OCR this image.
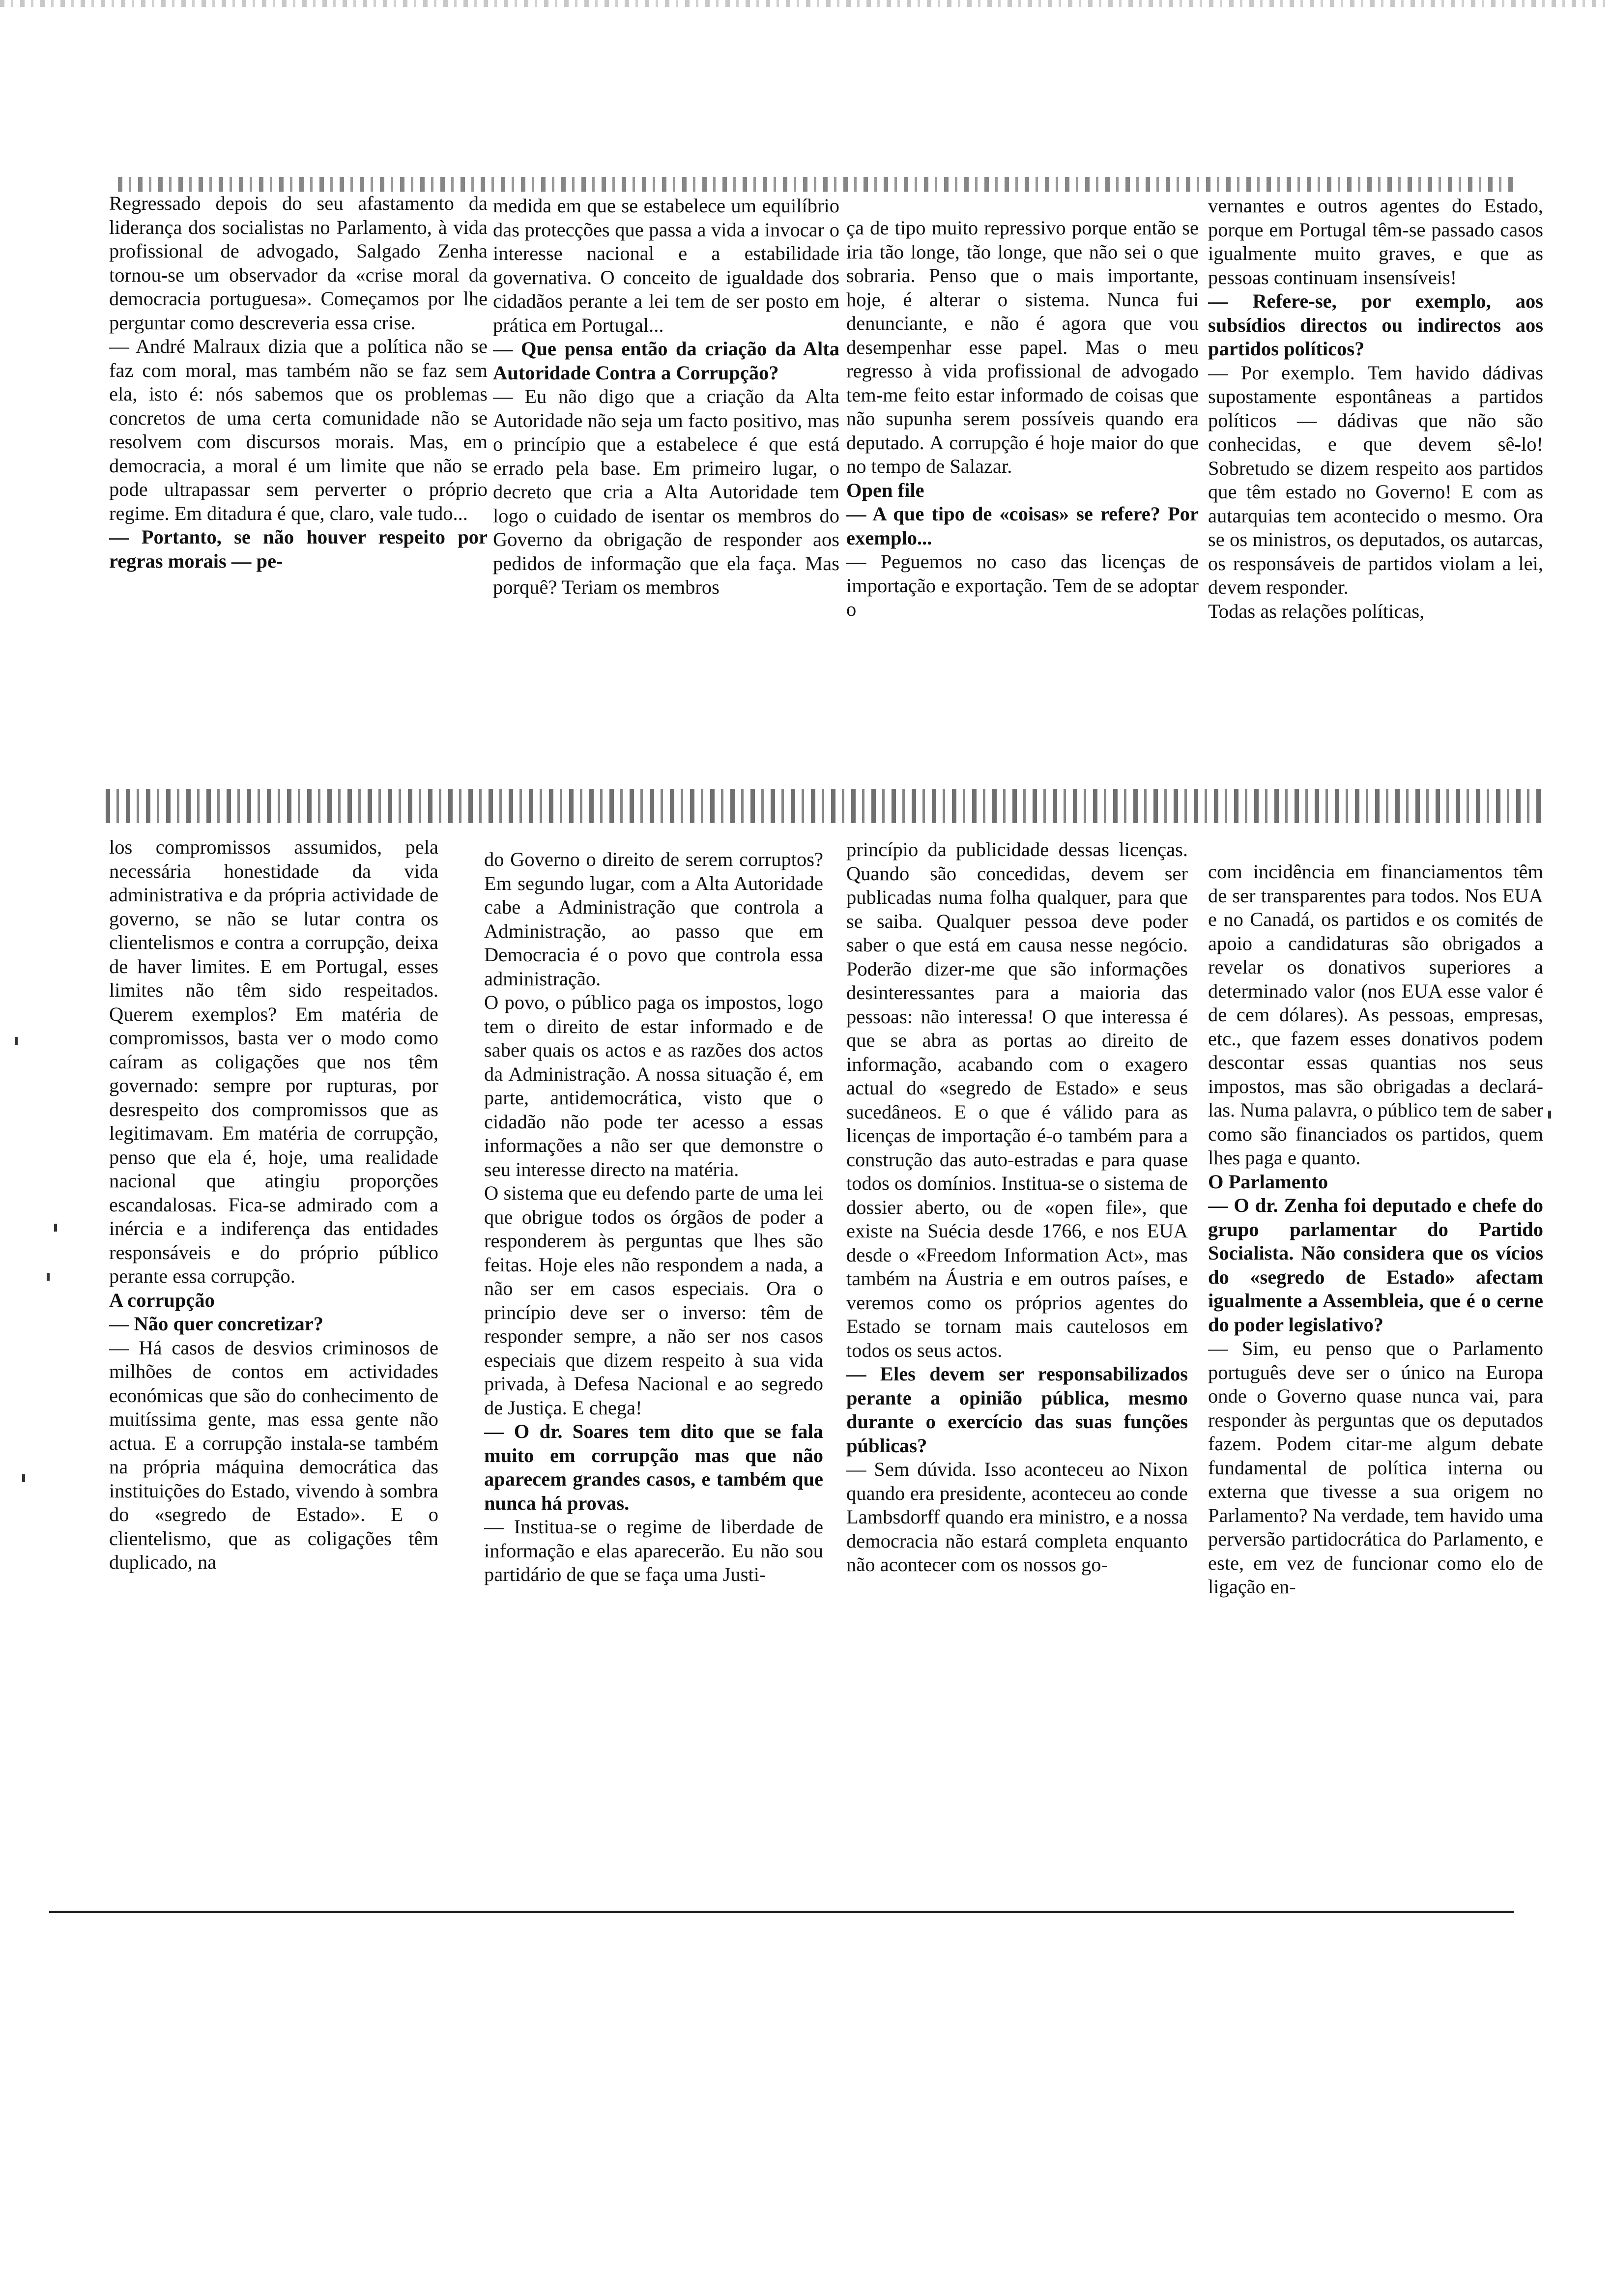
Regressado depois do seu afastamento da liderança dos socialistas no Parlamento, à vida profissional de advogado, Salgado Zenha tornou-se um observador da «crise moral da democracia portuguesa». Começamos por lhe perguntar como descreveria essa crise.

— André Malraux dizia que a política não se faz com moral, mas também não se faz sem ela, isto é: nós sabemos que os problemas concretos de uma certa comunidade não se resolvem com discursos morais. Mas, em democracia, a moral é um limite que não se pode ultrapassar sem perverter o próprio regime. Em ditadura é que, claro, vale tudo...

— Portanto, se não houver respeito por regras morais — pe-

medida em que se estabelece um equilíbrio das protecções que passa a vida a invocar o interesse nacional e a estabilidade governativa. O conceito de igualdade dos cidadãos perante a lei tem de ser posto em prática em Portugal...

— Que pensa então da criação da Alta Autoridade Contra a Corrupção?

— Eu não digo que a criação da Alta Autoridade não seja um facto positivo, mas o princípio que a estabelece é que está errado pela base. Em primeiro lugar, o decreto que cria a Alta Autoridade tem logo o cuidado de isentar os membros do Governo da obrigação de responder aos pedidos de informação que ela faça. Mas porquê? Teriam os membros

ça de tipo muito repressivo porque então se iria tão longe, tão longe, que não sei o que sobraria. Penso que o mais importante, hoje, é alterar o sistema. Nunca fui denunciante, e não é agora que vou desempenhar esse papel. Mas o meu regresso à vida profissional de advogado tem-me feito estar informado de coisas que não supunha serem possíveis quando era deputado. A corrupção é hoje maior do que no tempo de Salazar.

Open file

— A que tipo de «coisas» se refere? Por exemplo...

— Peguemos no caso das licenças de importação e exportação. Tem de se adoptar o

vernantes e outros agentes do Estado, porque em Portugal têm-se passado casos igualmente muito graves, e que as pessoas continuam insensíveis!

— Refere-se, por exemplo, aos subsídios directos ou indirectos aos partidos políticos?

— Por exemplo. Tem havido dádivas supostamente espontâneas a partidos políticos — dádivas que não são conhecidas, e que devem sê-lo! Sobretudo se dizem respeito aos partidos que têm estado no Governo! E com as autarquias tem acontecido o mesmo. Ora se os ministros, os deputados, os autarcas, os responsáveis de partidos violam a lei, devem responder.

Todas as relações políticas,

los compromissos assumidos, pela necessária honestidade da vida administrativa e da própria actividade de governo, se não se lutar contra os clientelismos e contra a corrupção, deixa de haver limites. E em Portugal, esses limites não têm sido respeitados. Querem exemplos? Em matéria de compromissos, basta ver o modo como caíram as coligações que nos têm governado: sempre por rupturas, por desrespeito dos compromissos que as legitimavam. Em matéria de corrupção, penso que ela é, hoje, uma realidade nacional que atingiu proporções escandalosas. Fica-se admirado com a inércia e a indiferença das entidades responsáveis e do próprio público perante essa corrupção.

A corrupção

— Não quer concretizar?

— Há casos de desvios criminosos de milhões de contos em actividades económicas que são do conhecimento de muitíssima gente, mas essa gente não actua. E a corrupção instala-se também na própria máquina democrática das instituições do Estado, vivendo à sombra do «segredo de Estado». E o clientelismo, que as coligações têm duplicado, na

do Governo o direito de serem corruptos? Em segundo lugar, com a Alta Autoridade cabe a Administração que controla a Administração, ao passo que em Democracia é o povo que controla essa administração.

O povo, o público paga os impostos, logo tem o direito de estar informado e de saber quais os actos e as razões dos actos da Administração. A nossa situação é, em parte, antidemocrática, visto que o cidadão não pode ter acesso a essas informações a não ser que demonstre o seu interesse directo na matéria.

O sistema que eu defendo parte de uma lei que obrigue todos os órgãos de poder a responderem às perguntas que lhes são feitas. Hoje eles não respondem a nada, a não ser em casos especiais. Ora o princípio deve ser o inverso: têm de responder sempre, a não ser nos casos especiais que dizem respeito à sua vida privada, à Defesa Nacional e ao segredo de Justiça. E chega!

— O dr. Soares tem dito que se fala muito em corrupção mas que não aparecem grandes casos, e também que nunca há provas.

— Institua-se o regime de liberdade de informação e elas aparecerão. Eu não sou partidário de que se faça uma Justi-

princípio da publicidade dessas licenças. Quando são concedidas, devem ser publicadas numa folha qualquer, para que se saiba. Qualquer pessoa deve poder saber o que está em causa nesse negócio. Poderão dizer-me que são informações desinteressantes para a maioria das pessoas: não interessa! O que interessa é que se abra as portas ao direito de informação, acabando com o exagero actual do «segredo de Estado» e seus sucedâneos. E o que é válido para as licenças de importação é-o também para a construção das auto-estradas e para quase todos os domínios. Institua-se o sistema de dossier aberto, ou de «open file», que existe na Suécia desde 1766, e nos EUA desde o «Freedom Information Act», mas também na Áustria e em outros países, e veremos como os próprios agentes do Estado se tornam mais cautelosos em todos os seus actos.

— Eles devem ser responsabilizados perante a opinião pública, mesmo durante o exercício das suas funções públicas?

— Sem dúvida. Isso aconteceu ao Nixon quando era presidente, aconteceu ao conde Lambsdorff quando era ministro, e a nossa democracia não estará completa enquanto não acontecer com os nossos go-

com incidência em financiamentos têm de ser transparentes para todos. Nos EUA e no Canadá, os partidos e os comités de apoio a candidaturas são obrigados a revelar os donativos superiores a determinado valor (nos EUA esse valor é de cem dólares). As pessoas, empresas, etc., que fazem esses donativos podem descontar essas quantias nos seus impostos, mas são obrigadas a declará-las. Numa palavra, o público tem de saber como são financiados os partidos, quem lhes paga e quanto.

O Parlamento

— O dr. Zenha foi deputado e chefe do grupo parlamentar do Partido Socialista. Não considera que os vícios do «segredo de Estado» afectam igualmente a Assembleia, que é o cerne do poder legislativo?

— Sim, eu penso que o Parlamento português deve ser o único na Europa onde o Governo quase nunca vai, para responder às perguntas que os deputados fazem. Podem citar-me algum debate fundamental de política interna ou externa que tivesse a sua origem no Parlamento? Na verdade, tem havido uma perversão partidocrática do Parlamento, e este, em vez de funcionar como elo de ligação en-
